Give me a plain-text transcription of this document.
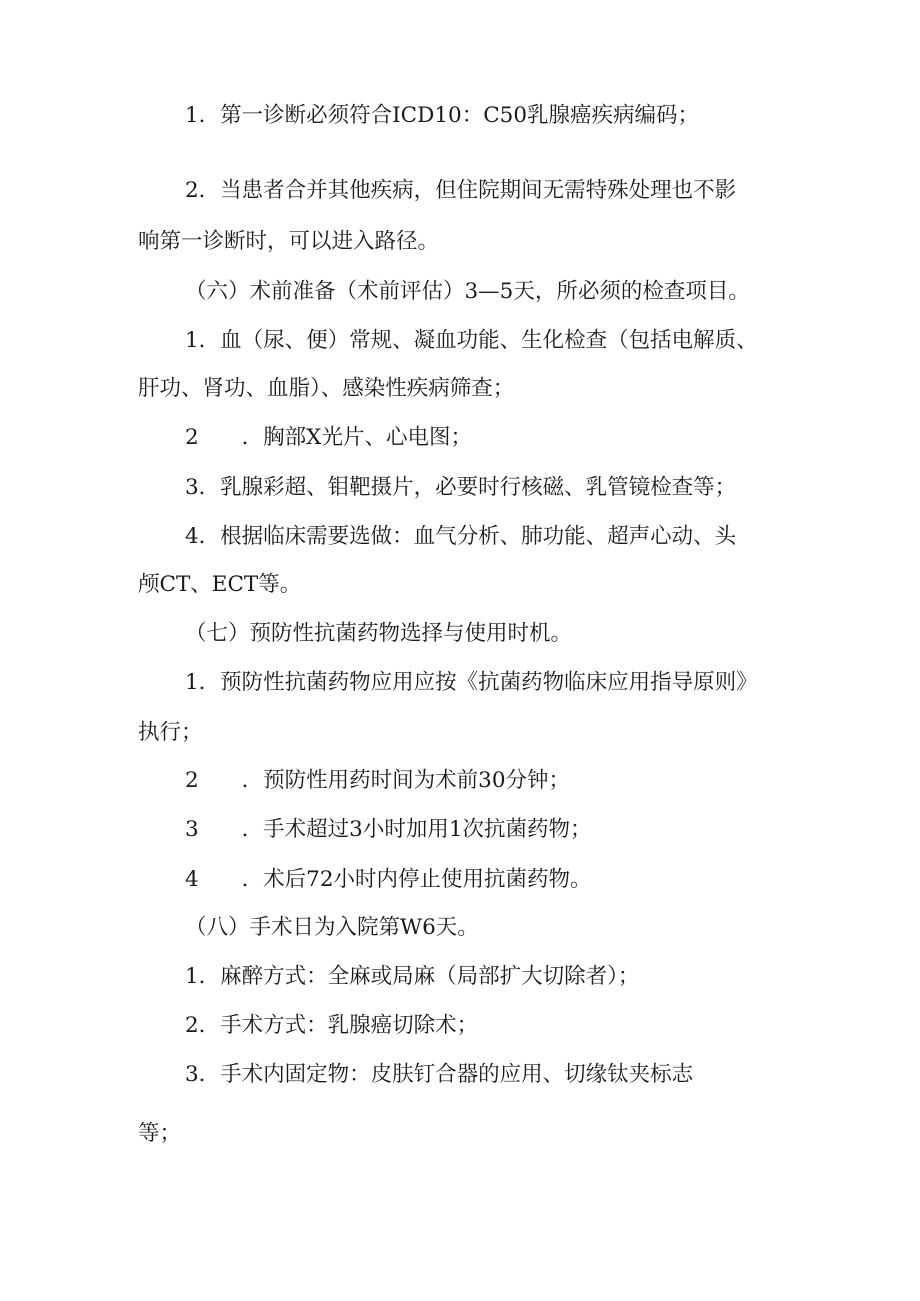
1．第一诊断必须符合ICD10：C50乳腺癌疾病编码；
2．当患者合并其他疾病，但住院期间无需特殊处理也不影
响第一诊断时，可以进入路径。
（六）术前准备（术前评估）3—5天，所必须的检查项目。
1．血（尿、便）常规、凝血功能、生化检查（包括电解质、
肝功、肾功、血脂）、感染性疾病筛查；
2　　．胸部X光片、心电图；
3．乳腺彩超、钼靶摄片，必要时行核磁、乳管镜检查等；
4．根据临床需要选做：血气分析、肺功能、超声心动、头
颅CT、ECT等。
（七）预防性抗菌药物选择与使用时机。
1．预防性抗菌药物应用应按《抗菌药物临床应用指导原则》
执行；
2　　．预防性用药时间为术前30分钟；
3　　．手术超过3小时加用1次抗菌药物；
4　　．术后72小时内停止使用抗菌药物。
（八）手术日为入院第W6天。
1．麻醉方式：全麻或局麻（局部扩大切除者）；
2．手术方式：乳腺癌切除术；
3．手术内固定物：皮肤钉合器的应用、切缘钛夹标志
等；
